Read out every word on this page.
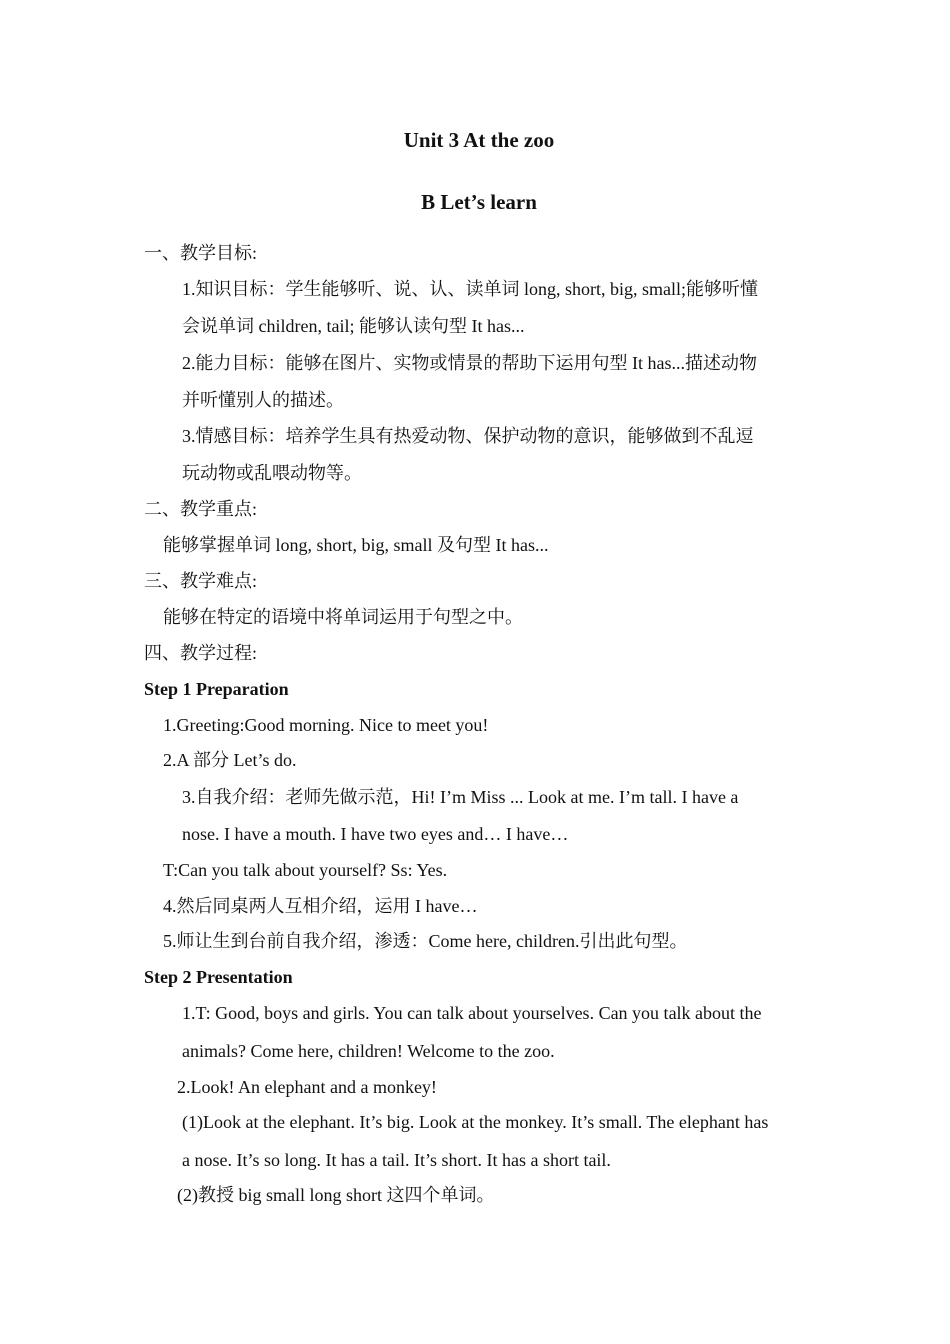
Unit 3 At the zoo
B Let’s learn
一、教学目标:
1.知识目标：学生能够听、说、认、读单词 long, short, big, small;能够听懂
会说单词 children, tail; 能够认读句型 It has...
2.能力目标：能够在图片、实物或情景的帮助下运用句型 It has...描述动物
并听懂别人的描述。
3.情感目标：培养学生具有热爱动物、保护动物的意识，能够做到不乱逗
玩动物或乱喂动物等。
二、教学重点:
能够掌握单词 long, short, big, small 及句型 It has...
三、教学难点:
能够在特定的语境中将单词运用于句型之中。
四、教学过程:
Step 1 Preparation
1.Greeting:Good morning. Nice to meet you!
2.A 部分 Let’s do.
3.自我介绍：老师先做示范，Hi! I’m Miss ... Look at me. I’m tall. I have a
nose. I have a mouth. I have two eyes and… I have…
T:Can you talk about yourself? Ss: Yes.
4.然后同桌两人互相介绍，运用 I have…
5.师让生到台前自我介绍，渗透：Come here, children.引出此句型。
Step 2 Presentation
1.T: Good, boys and girls. You can talk about yourselves. Can you talk about the
animals? Come here, children! Welcome to the zoo.
2.Look! An elephant and a monkey!
(1)Look at the elephant. It’s big. Look at the monkey. It’s small. The elephant has
a nose. It’s so long. It has a tail. It’s short. It has a short tail.
(2)教授 big small long short 这四个单词。
